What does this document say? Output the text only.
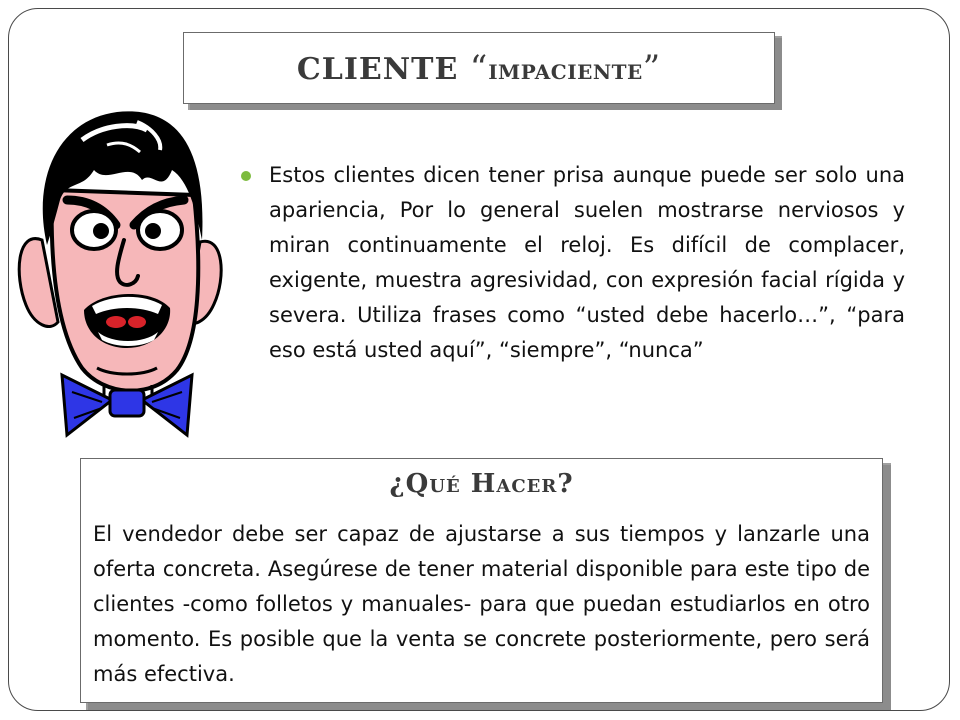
CLIENTE “IMPACIENTE”
Estos clientes dicen tener prisa aunque puede ser solo una apariencia, Por lo general suelen mostrarse nerviosos y miran continuamente el reloj. Es difícil de complacer, exigente, muestra agresividad, con expresión facial rígida y severa. Utiliza frases como “usted debe hacerlo…”, “para eso está usted aquí”, “siempre”, “nunca”
¿Qué Hacer?
El vendedor debe ser capaz de ajustarse a sus tiempos y lanzarle una oferta concreta. Asegúrese de tener material disponible para este tipo de clientes -como folletos y manuales- para que puedan estudiarlos en otro momento. Es posible que la venta se concrete posteriormente, pero será más efectiva.
